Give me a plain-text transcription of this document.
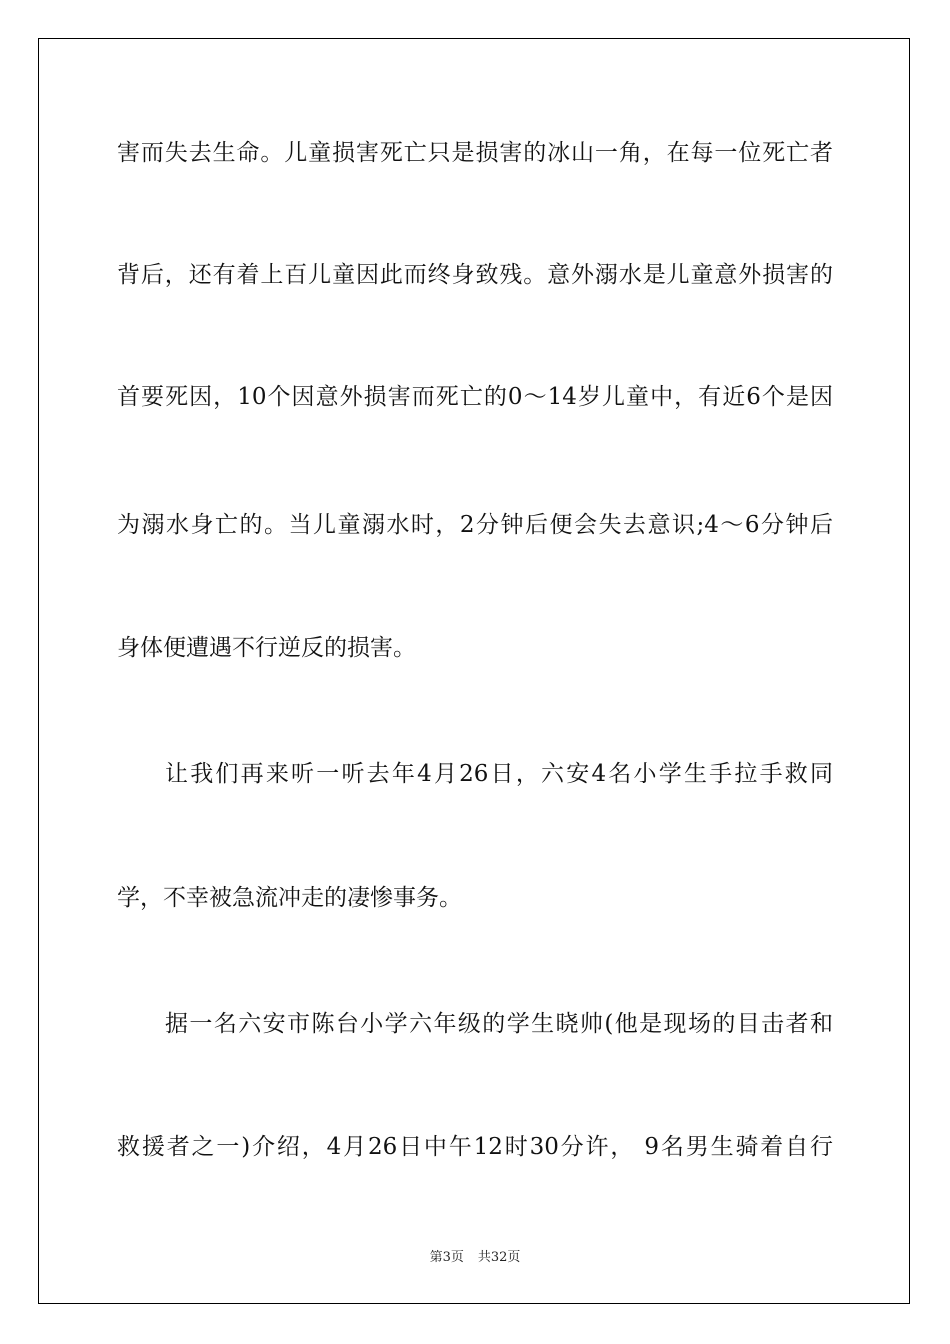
害而失去生命。儿童损害死亡只是损害的冰山一角，在每一位死亡者
背后，还有着上百儿童因此而终身致残。意外溺水是儿童意外损害的
首要死因，10个因意外损害而死亡的0～14岁儿童中，有近6个是因
为溺水身亡的。当儿童溺水时，2分钟后便会失去意识;4～6分钟后
身体便遭遇不行逆反的损害。
让我们再来听一听去年4月26日，六安4名小学生手拉手救同
学，不幸被急流冲走的凄惨事务。
据一名六安市陈台小学六年级的学生晓帅(他是现场的目击者和
救援者之一)介绍，4月26日中午12时30分许， 9名男生骑着自行
第3页 共32页
